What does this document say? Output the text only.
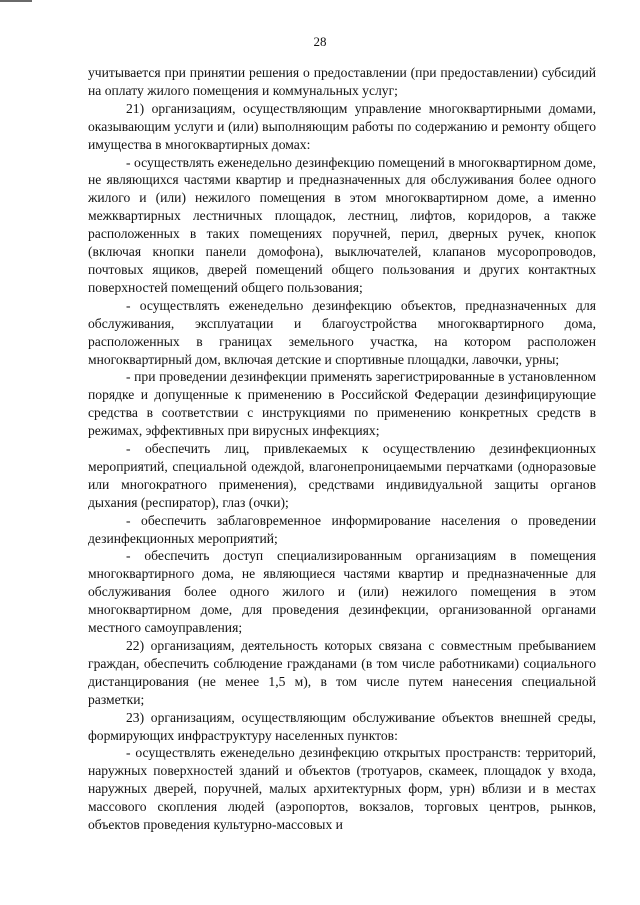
28

учитывается при принятии решения о предоставлении (при предоставлении) субсидий на оплату жилого помещения и коммунальных услуг;

21) организациям, осуществляющим управление многоквартирными домами, оказывающим услуги и (или) выполняющим работы по содержанию и ремонту общего имущества в многоквартирных домах:

- осуществлять еженедельно дезинфекцию помещений в многоквартирном доме, не являющихся частями квартир и предназначенных для обслуживания более одного жилого и (или) нежилого помещения в этом многоквартирном доме, а именно межквартирных лестничных площадок, лестниц, лифтов, коридоров, а также расположенных в таких помещениях поручней, перил, дверных ручек, кнопок (включая кнопки панели домофона), выключателей, клапанов мусоропроводов, почтовых ящиков, дверей помещений общего пользования и других контактных поверхностей помещений общего пользования;

- осуществлять еженедельно дезинфекцию объектов, предназначенных для обслуживания, эксплуатации и благоустройства многоквартирного дома, расположенных в границах земельного участка, на котором расположен многоквартирный дом, включая детские и спортивные площадки, лавочки, урны;

- при проведении дезинфекции применять зарегистрированные в установленном порядке и допущенные к применению в Российской Федерации дезинфицирующие средства в соответствии с инструкциями по применению конкретных средств в режимах, эффективных при вирусных инфекциях;

- обеспечить лиц, привлекаемых к осуществлению дезинфекционных мероприятий, специальной одеждой, влагонепроницаемыми перчатками (одноразовые или многократного применения), средствами индивидуальной защиты органов дыхания (респиратор), глаз (очки);

- обеспечить заблаговременное информирование населения о проведении дезинфекционных мероприятий;

- обеспечить доступ специализированным организациям в помещения многоквартирного дома, не являющиеся частями квартир и предназначенные для обслуживания более одного жилого и (или) нежилого помещения в этом многоквартирном доме, для проведения дезинфекции, организованной органами местного самоуправления;

22) организациям, деятельность которых связана с совместным пребыванием граждан, обеспечить соблюдение гражданами (в том числе работниками) социального дистанцирования (не менее 1,5 м), в том числе путем нанесения специальной разметки;

23) организациям, осуществляющим обслуживание объектов внешней среды, формирующих инфраструктуру населенных пунктов:

- осуществлять еженедельно дезинфекцию открытых пространств: территорий, наружных поверхностей зданий и объектов (тротуаров, скамеек, площадок у входа, наружных дверей, поручней, малых архитектурных форм, урн) вблизи и в местах массового скопления людей (аэропортов, вокзалов, торговых центров, рынков, объектов проведения культурно-массовых и
